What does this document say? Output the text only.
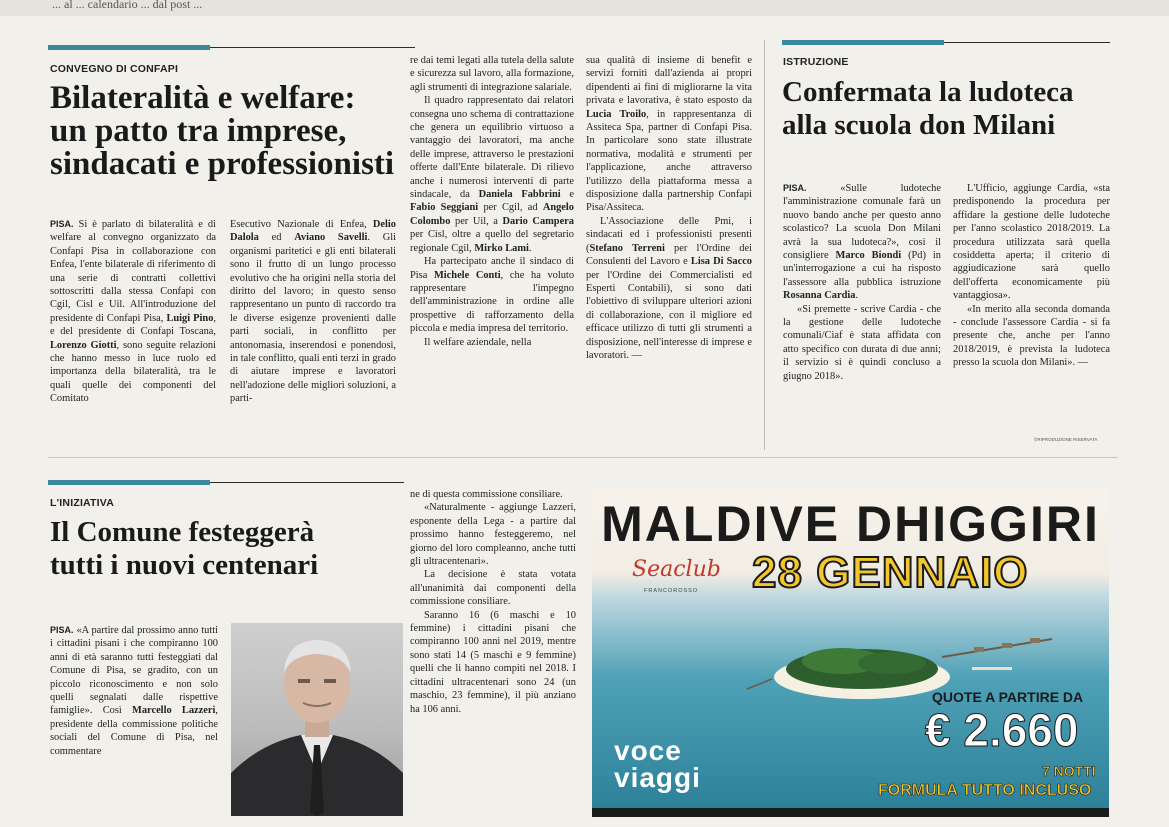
... al ... calendario ... dal post ...
CONVEGNO DI CONFAPI
Bilateralità e welfare:
un patto tra imprese,
sindacati e professionisti

PISA. Si è parlato di bilateralità e di welfare al convegno organizzato da Confapi Pisa in collaborazione con Enfea, l'ente bilaterale di riferimento di una serie di contratti collettivi sottoscritti dalla stessa Confapi con Cgil, Cisl e Uil. All'introduzione del presidente di Confapi Pisa, Luigi Pino, e del presidente di Confapi Toscana, Lorenzo Giotti, sono seguite relazioni che hanno messo in luce ruolo ed importanza della bilateralità, tra le quali quelle dei componenti del Comitato

Esecutivo Nazionale di Enfea, Delio Dalola ed Aviano Savelli. Gli organismi paritetici e gli enti bilaterali sono il frutto di un lungo processo evolutivo che ha origini nella storia del diritto del lavoro; in questo senso rappresentano un punto di raccordo tra le diverse esigenze provenienti dalle parti sociali, in conflitto per antonomasia, inserendosi e ponendosi, in tale conflitto, quali enti terzi in grado di aiutare imprese e lavoratori nell'adozione delle migliori soluzioni, a parti-

re dai temi legati alla tutela della salute e sicurezza sul lavoro, alla formazione, agli strumenti di integrazione salariale.

Il quadro rappresentato dai relatori consegna uno schema di contrattazione che genera un equilibrio virtuoso a vantaggio dei lavoratori, ma anche delle imprese, attraverso le prestazioni offerte dall'Ente bilaterale. Di rilievo anche i numerosi interventi di parte sindacale, da Daniela Fabbrini e Fabio Seggiani per Cgil, ad Angelo Colombo per Uil, a Dario Campera per Cisl, oltre a quello del segretario regionale Cgil, Mirko Lami.

Ha partecipato anche il sindaco di Pisa Michele Conti, che ha voluto rappresentare l'impegno dell'amministrazione in ordine alle prospettive di rafforzamento della piccola e media impresa del territorio.

Il welfare aziendale, nella

sua qualità di insieme di benefit e servizi forniti dall'azienda ai propri dipendenti ai fini di migliorarne la vita privata e lavorativa, è stato esposto da Lucia Troilo, in rappresentanza di Assiteca Spa, partner di Confapi Pisa. In particolare sono state illustrate normativa, modalità e strumenti per l'applicazione, anche attraverso l'utilizzo della piattaforma messa a disposizione dalla partnership Confapi Pisa/Assiteca.

L'Associazione delle Pmi, i sindacati ed i professionisti presenti (Stefano Terreni per l'Ordine dei Consulenti del Lavoro e Lisa Di Sacco per l'Ordine dei Commercialisti ed Esperti Contabili), si sono dati l'obiettivo di sviluppare ulteriori azioni di collaborazione, con il migliore ed efficace utilizzo di tutti gli strumenti a disposizione, nell'interesse di imprese e lavoratori. —

ISTRUZIONE
Confermata la ludoteca
alla scuola don Milani

PISA.	«Sulle ludoteche l'amministrazione comunale farà un nuovo bando anche per questo anno scolastico? La scuola Don Milani avrà la sua ludoteca?», così il consigliere Marco Biondi (Pd) in un'interrogazione a cui ha risposto l'assessore alla pubblica istruzione Rosanna Cardia.

«Si premette - scrive Cardia - che la gestione delle ludoteche comunali/Ciaf è stata affidata con atto specifico con durata di due anni; il servizio si è quindi concluso a giugno 2018».

L'Ufficio, aggiunge Cardia, «sta predisponendo la procedura per affidare la gestione delle ludoteche per l'anno scolastico 2018/2019. La procedura utilizzata sarà quella cosiddetta aperta; il criterio di aggiudicazione sarà quello dell'offerta economicamente più vantaggiosa».

«In merito alla seconda domanda - conclude l'assessore Cardia - si fa presente che, anche per l'anno 2018/2019, è prevista la ludoteca presso la scuola don Milani». —

©RIPRODUZIONE RISERVATA
L'INIZIATIVA
Il Comune festeggerà
tutti i nuovi centenari

PISA. «A partire dal prossimo anno tutti i cittadini pisani i che compiranno 100 anni di età saranno tutti festeggiati dal Comune di Pisa, se gradito, con un piccolo riconoscimento e non solo quelli segnalati dalle rispettive famiglie». Così Marcello Lazzeri, presidente della commissione politiche sociali del Comune di Pisa, nel commentare

ne di questa commissione consiliare.

«Naturalmente - aggiunge Lazzeri, esponente della Lega - a partire dal prossimo hanno festeggeremo, nel giorno del loro compleanno, anche tutti gli ultracentenari».

La decisione è stata votata all'unanimità dai componenti della commissione consiliare.

Saranno 16 (6 maschi e 10 femmine) i cittadini pisani che compiranno 100 anni nel 2019, mentre sono stati 14 (5 maschi e 9 femmine) quelli che li hanno compiti nel 2018. I cittadini ultracentenari sono 24 (un maschio, 23 femmine), il più anziano ha 106 anni.

MALDIVE DHIGGIRI
Seaclub
FRANCOROSSO 28 GENNAIO
QUOTE A PARTIRE DA
€ 2.660
7 NOTTI
FORMULA TUTTO INCLUSO
voce
viaggi
